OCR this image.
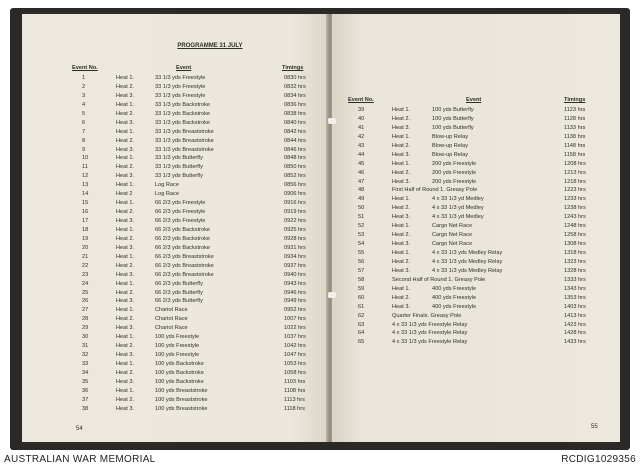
PROGRAMME 31 JULY
Event No.	Event	Timings
1	Heat 1.	33 1/3 yds Freestyle	0830 hrs
2	Heat 2.	33 1/3 yds Freestyle	0832 hrs
3	Heat 3.	33 1/3 yds Freestyle	0834 hrs
4	Heat 1.	33 1/3 yds Backstroke	0836 hrs
5	Heat 2.	33 1/3 yds Backstroke	0838 hrs
6	Heat 3.	33 1/3 yds Backstroke	0840 hrs
7	Heat 1.	33 1/3 yds Breaststroke	0842 hrs
8	Heat 2.	33 1/3 yds Breaststroke	0844 hrs
9	Heat 3.	33 1/3 yds Breaststroke	0846 hrs
10	Heat 1.	33 1/3 yds Butterfly	0848 hrs
11	Heat 2.	33 1/3 yds Butterfly	0850 hrs
12	Heat 3.	33 1/3 yds Butterfly	0852 hrs
13	Heat 1.	Log Race	0856 hrs
14	Heat 2	Log Race	0906 hrs
15	Heat 1.	66 2/3 yds Freestyle	0916 hrs
16	Heat 2.	66 2/3 yds Freestyle	0919 hrs
17	Heat 3.	66 2/3 yds Freestyle	0922 hrs
18	Heat 1.	66 2/3 yds Backstroke	0925 hrs
19	Heat 2.	66 2/3 yds Backstroke	0928 hrs
20	Heat 3.	66 2/3 yds Backstroke	0931 hrs
21	Heat 1.	66 2/3 yds Breaststroke	0934 hrs
22	Heat 2.	66 2/3 yds Breaststroke	0937 hrs
23	Heat 3.	66 2/3 yds Breaststroke	0940 hrs
24	Heat 1.	66 2/3 yds Butterfly	0943 hrs
25	Heat 2.	66 2/3 yds Butterfly	0946 hrs
26	Heat 3.	66 2/3 yds Butterfly	0949 hrs
27	Heat 1.	Chariot Race	0952 hrs
28	Heat 2.	Chariot Race	1007 hrs
29	Heat 3.	Chariot Race	1022 hrs
30	Heat 1.	100 yds Freestyle	1037 hrs
31	Heat 2.	100 yds Freestyle	1042 hrs
32	Heat 3.	100 yds Freestyle	1047 hrs
33	Heat 1.	100 yds Backstroke	1053 hrs
34	Heat 2.	100 yds Backstroke	1058 hrs
35	Heat 3.	100 yds Backstroke	1103 hrs
36	Heat 1.	100 yds Breaststroke	1108 hrs
37	Heat 2.	100 yds Breaststroke	1113 hrs
38	Heat 3.	100 yds Breaststroke	1118 hrs
Event No.	Event	Timings
39	Heat 1.	100 yds Butterfly	1123 hrs
40	Heat 2.	100 yds Butterfly	1128 hrs
41	Heat 3.	100 yds Butterfly	1133 hrs
42	Heat 1.	Blow-up Relay	1138 hrs
43	Heat 2.	Blow-up Relay	1148 hrs
44	Heat 3.	Blow-up Relay	1158 hrs
45	Heat 1.	200 yds Freestyle	1208 hrs
46	Heat 2.	200 yds Freestyle	1213 hrs
47	Heat 3.	200 yds Freestyle	1218 hrs
48	First Half of Round 1. Greasy Pole	1223 hrs
49	Heat 1.	4 x 33 1/3 yd Medley	1233 hrs
50	Heat 2.	4 x 33 1/3 yd Medley	1238 hrs
51	Heat 3.	4 x 33 1/3 yd Medley	1243 hrs
52	Heat 1.	Cargo Net Race	1248 hrs
53	Heat 2.	Cargo Net Race	1258 hrs
54	Heat 3.	Cargo Net Race	1308 hrs
55	Heat 1.	4 x 33 1/3 yds Medley Relay	1318 hrs
56	Heat 2.	4 x 33 1/3 yds Medley Relay	1323 hrs
57	Heat 3.	4 x 33 1/3 yds Medley Relay	1328 hrs
58	Second Half of Round 1. Greasy Pole	1333 hrs
59	Heat 1.	400 yds Freestyle	1343 hrs
60	Heat 2.	400 yds Freestyle	1353 hrs
61	Heat 3.	400 yds Freestyle	1403 hrs
62	Quarter Finals. Greasy Pole	1413 hrs
63	4 x 33 1/3 yds Freestyle Relay	1423 hrs
64	4 x 33 1/3 yds Freestyle Relay	1428 hrs
65	4 x 33 1/3 yds Freestyle Relay	1433 hrs
54	55
AUSTRALIAN WAR MEMORIAL	RCDIG1029356
